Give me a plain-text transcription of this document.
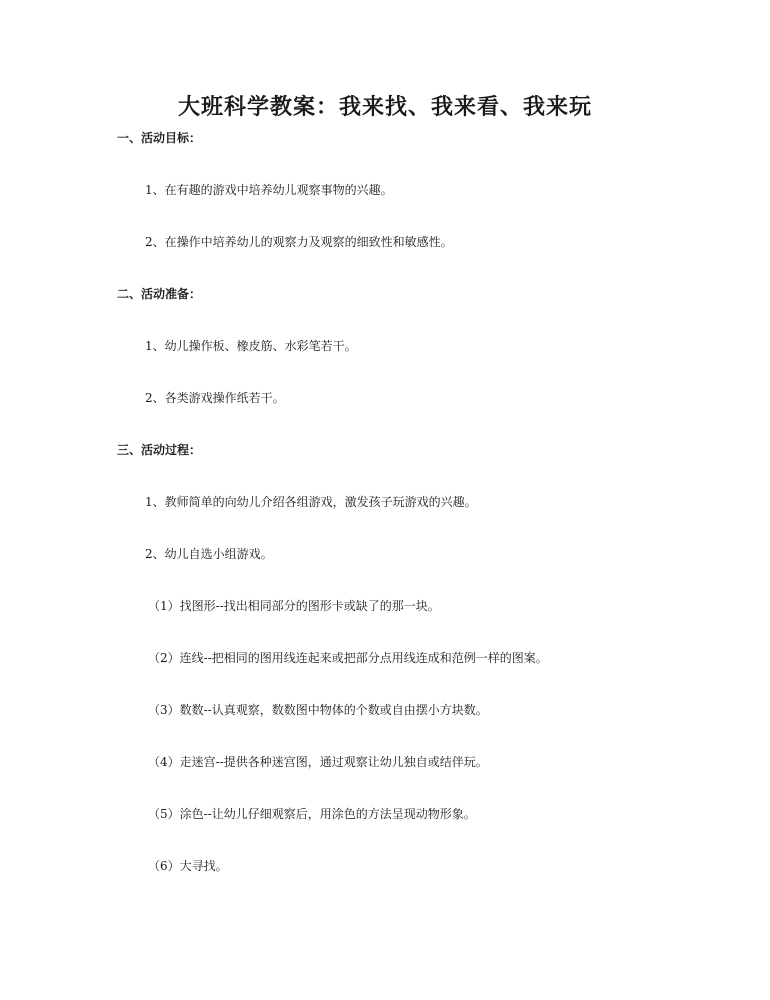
大班科学教案：我来找、我来看、我来玩

一、活动目标：

1、在有趣的游戏中培养幼儿观察事物的兴趣。

2、在操作中培养幼儿的观察力及观察的细致性和敏感性。

二、活动准备：

1、幼儿操作板、橡皮筋、水彩笔若干。

2、各类游戏操作纸若干。

三、活动过程：

1、教师简单的向幼儿介绍各组游戏，激发孩子玩游戏的兴趣。

2、幼儿自选小组游戏。

（1）找图形--找出相同部分的图形卡或缺了的那一块。

（2）连线--把相同的图用线连起来或把部分点用线连成和范例一样的图案。

（3）数数--认真观察，数数图中物体的个数或自由摆小方块数。

（4）走迷宫--提供各种迷宫图，通过观察让幼儿独自或结伴玩。

（5）涂色--让幼儿仔细观察后，用涂色的方法呈现动物形象。

（6）大寻找。
